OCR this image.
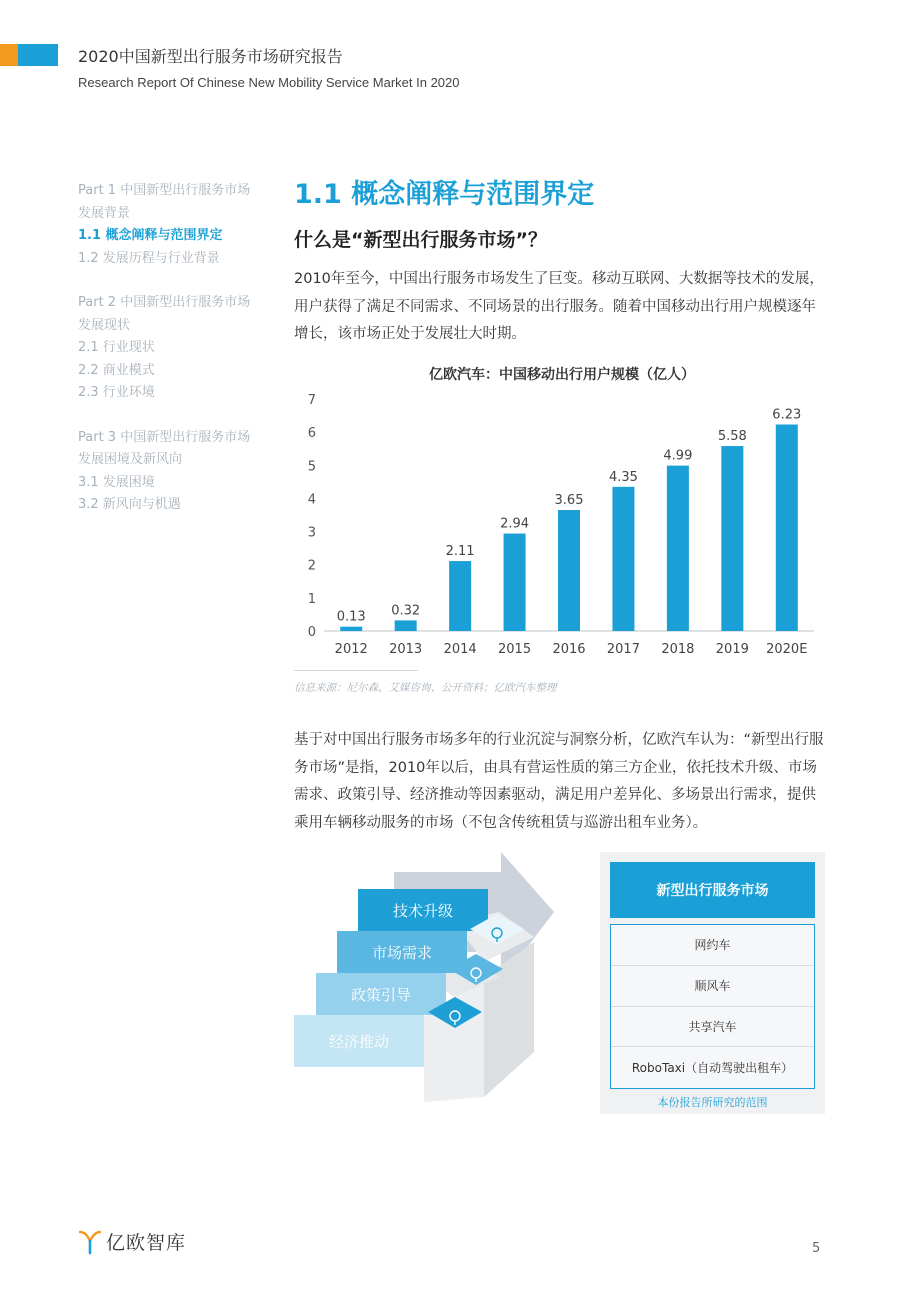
2020中国新型出行服务市场研究报告
Research Report Of Chinese New Mobility Service Market In 2020
Part 1 中国新型出行服务市场
发展背景
1.1 概念阐释与范围界定
1.2 发展历程与行业背景
Part 2 中国新型出行服务市场
发展现状
2.1 行业现状
2.2 商业模式
2.3 行业环境
Part 3 中国新型出行服务市场
发展困境及新风向
3.1 发展困境
3.2 新风向与机遇
1.1 概念阐释与范围界定
什么是“新型出行服务市场”？
2010年至今，中国出行服务市场发生了巨变。移动互联网、大数据等技术的发展，用户获得了满足不同需求、不同场景的出行服务。随着中国移动出行用户规模逐年增长，该市场正处于发展壮大时期。
亿欧汽车：中国移动出行用户规模（亿人）
0
1
2
3
4
5
6
7
0.13
2012
0.32
2013
2.11
2014
2.94
2015
3.65
2016
4.35
2017
4.99
2018
5.58
2019
6.23
2020E
信息来源：尼尔森、艾媒咨询、公开资料；亿欧汽车整理
基于对中国出行服务市场多年的行业沉淀与洞察分析，亿欧汽车认为：“新型出行服务市场”是指，2010年以后，由具有营运性质的第三方企业，依托技术升级、市场需求、政策引导、经济推动等因素驱动，满足用户差异化、多场景出行需求，提供乘用车辆移动服务的市场（不包含传统租赁与巡游出租车业务）。
技术升级
市场需求
政策引导
经济推动
新型出行服务市场
网约车
顺风车
共享汽车
RoboTaxi（自动驾驶出租车）
本份报告所研究的范围
亿欧智库	5
